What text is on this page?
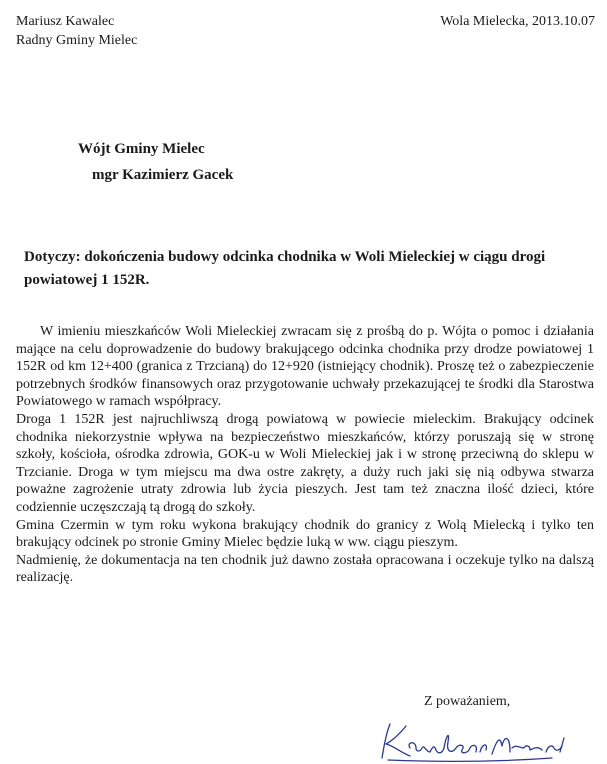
Mariusz Kawalec
Radny Gminy Mielec
Wola Mielecka, 2013.10.07
Wójt Gminy Mielec
mgr Kazimierz Gacek
Dotyczy: dokończenia budowy odcinka chodnika w Woli Mieleckiej w ciągu drogi powiatowej 1 152R.

W imieniu mieszkańców Woli Mieleckiej zwracam się z prośbą do p. Wójta o pomoc i działania mające na celu doprowadzenie do budowy brakującego odcinka chodnika przy drodze powiatowej 1 152R od km 12+400 (granica z Trzcianą) do 12+920 (istniejący chodnik). Proszę też o zabezpieczenie potrzebnych środków finansowych oraz przygotowanie uchwały przekazującej te środki dla Starostwa Powiatowego w ramach współpracy.

Droga 1 152R jest najruchliwszą drogą powiatową w powiecie mieleckim. Brakujący odcinek chodnika niekorzystnie wpływa na bezpieczeństwo mieszkańców, którzy poruszają się w stronę szkoły, kościoła, ośrodka zdrowia, GOK-u w Woli Mieleckiej jak i w stronę przeciwną do sklepu w Trzcianie. Droga w tym miejscu ma dwa ostre zakręty, a duży ruch jaki się nią odbywa stwarza poważne zagrożenie utraty zdrowia lub życia pieszych. Jest tam też znaczna ilość dzieci, które codziennie uczęszczają tą drogą do szkoły.

Gmina Czermin w tym roku wykona brakujący chodnik do granicy z Wolą Mielecką i tylko ten brakujący odcinek po stronie Gminy Mielec będzie luką w ww. ciągu pieszym.

Nadmienię, że dokumentacja na ten chodnik już dawno została opracowana i oczekuje tylko na dalszą realizację.

Z poważaniem,
